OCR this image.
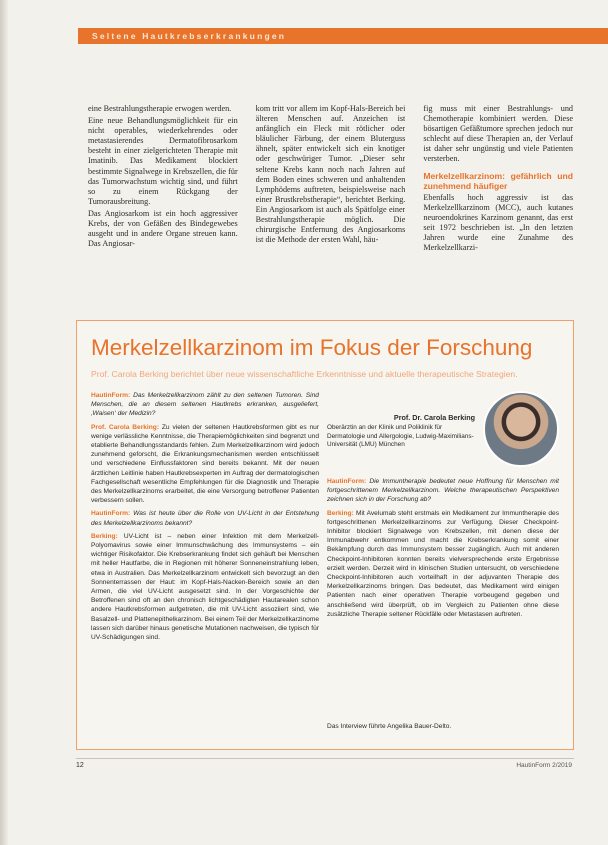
Seltene Hautkrebserkrankungen

eine Bestrahlungstherapie erwogen werden.

Eine neue Behandlungsmöglichkeit für ein nicht operables, wiederkehrendes oder metastasierendes Dermatofibrosarkom besteht in einer zielgerichteten Therapie mit Imatinib. Das Medikament blockiert bestimmte Signalwege in Krebszellen, die für das Tumorwachstum wichtig sind, und führt so zu einem Rückgang der Tumorausbreitung.

Das Angiosarkom ist ein hoch aggressiver Krebs, der von Gefäßen des Bindegewebes ausgeht und in andere Organe streuen kann. Das Angiosar-

kom tritt vor allem im Kopf-Hals-Bereich bei älteren Menschen auf. Anzeichen ist anfänglich ein Fleck mit rötlicher oder bläulicher Färbung, der einem Bluterguss ähnelt, später entwickelt sich ein knotiger oder geschwüriger Tumor. „Dieser sehr seltene Krebs kann noch nach Jahren auf dem Boden eines schweren und anhaltenden Lymphödems auftreten, beispielsweise nach einer Brustkrebstherapie“, berichtet Berking. Ein Angiosarkom ist auch als Spätfolge einer Bestrahlungstherapie möglich. Die chirurgische Entfernung des Angiosarkoms ist die Methode der ersten Wahl, häu-

fig muss mit einer Bestrahlungs- und Chemotherapie kombiniert werden. Diese bösartigen Gefäßtumore sprechen jedoch nur schlecht auf diese Therapien an, der Verlauf ist daher sehr ungünstig und viele Patienten versterben.

Merkelzellkarzinom: gefährlich und zunehmend häufiger

Ebenfalls hoch aggressiv ist das Merkelzellkarzinom (MCC), auch kutanes neuroendokrines Karzinom genannt, das erst seit 1972 beschrieben ist. „In den letzten Jahren wurde eine Zunahme des Merkelzellkarzi-

Merkelzellkarzinom im Fokus der Forschung
Prof. Carola Berking berichtet über neue wissenschaftliche Erkenntnisse und aktuelle therapeutische Strategien.

HautinForm: Das Merkelzellkarzinom zählt zu den seltenen Tumoren. Sind Menschen, die an diesem seltenen Hautkrebs erkranken, ausgeliefert, ‚Waisen‘ der Medizin?

Prof. Carola Berking: Zu vielen der seltenen Hautkrebsformen gibt es nur wenige verlässliche Kenntnisse, die Therapiemöglichkeiten sind begrenzt und etablierte Behandlungsstandards fehlen. Zum Merkelzellkarzinom wird jedoch zunehmend geforscht, die Erkrankungsmechanismen werden entschlüsselt und verschiedene Einflussfaktoren sind bereits bekannt. Mit der neuen ärztlichen Leitlinie haben Hautkrebsexperten im Auftrag der dermatologischen Fachgesellschaft wesentliche Empfehlungen für die Diagnostik und Therapie des Merkelzellkarzinoms erarbeitet, die eine Versorgung betroffener Patienten verbessern sollen.

HautinForm: Was ist heute über die Rolle von UV-Licht in der Entstehung des Merkelzellkarzinoms bekannt?

Berking: UV-Licht ist – neben einer Infektion mit dem Merkelzell-Polyomavirus sowie einer Immunschwächung des Immunsystems – ein wichtiger Risikofaktor. Die Krebserkrankung findet sich gehäuft bei Menschen mit heller Hautfarbe, die in Regionen mit höherer Sonneneinstrahlung leben, etwa in Australien. Das Merkelzellkarzinom entwickelt sich bevorzugt an den Sonnenterrassen der Haut: im Kopf-Hals-Nacken-Bereich sowie an den Armen, die viel UV-Licht ausgesetzt sind. In der Vorgeschichte der Betroffenen sind oft an den chronisch lichtgeschädigten Hautarealen schon andere Hautkrebsformen aufgetreten, die mit UV-Licht assoziiert sind, wie Basalzell- und Plattenepithelkarzinom. Bei einem Teil der Merkelzellkarzinome lassen sich darüber hinaus genetische Mutationen nachweisen, die typisch für UV-Schädigungen sind.

Prof. Dr. Carola Berking
Oberärztin an der Klinik und Poliklinik für Dermatologie und Allergologie, Ludwig-Maximilians-Universität (LMU) München

HautinForm: Die Immuntherapie bedeutet neue Hoffnung für Menschen mit fortgeschrittenem Merkelzellkarzinom. Welche therapeutischen Perspektiven zeichnen sich in der Forschung ab?

Berking: Mit Avelumab steht erstmals ein Medikament zur Immuntherapie des fortgeschrittenen Merkelzellkarzinoms zur Verfügung. Dieser Checkpoint-Inhibitor blockiert Signalwege von Krebszellen, mit denen diese der Immunabwehr entkommen und macht die Krebserkrankung somit einer Bekämpfung durch das Immunsystem besser zugänglich. Auch mit anderen Checkpoint-Inhibitoren konnten bereits vielversprechende erste Ergebnisse erzielt werden. Derzeit wird in klinischen Studien untersucht, ob verschiedene Checkpoint-Inhibitoren auch vorteilhaft in der adjuvanten Therapie des Merkelzellkarzinoms bringen. Das bedeutet, das Medikament wird einigen Patienten nach einer operativen Therapie vorbeugend gegeben und anschließend wird überprüft, ob im Vergleich zu Patienten ohne diese zusätzliche Therapie seltener Rückfälle oder Metastasen auftreten.

Das Interview führte Angelika Bauer-Delto.
12	HautinForm 2/2019
